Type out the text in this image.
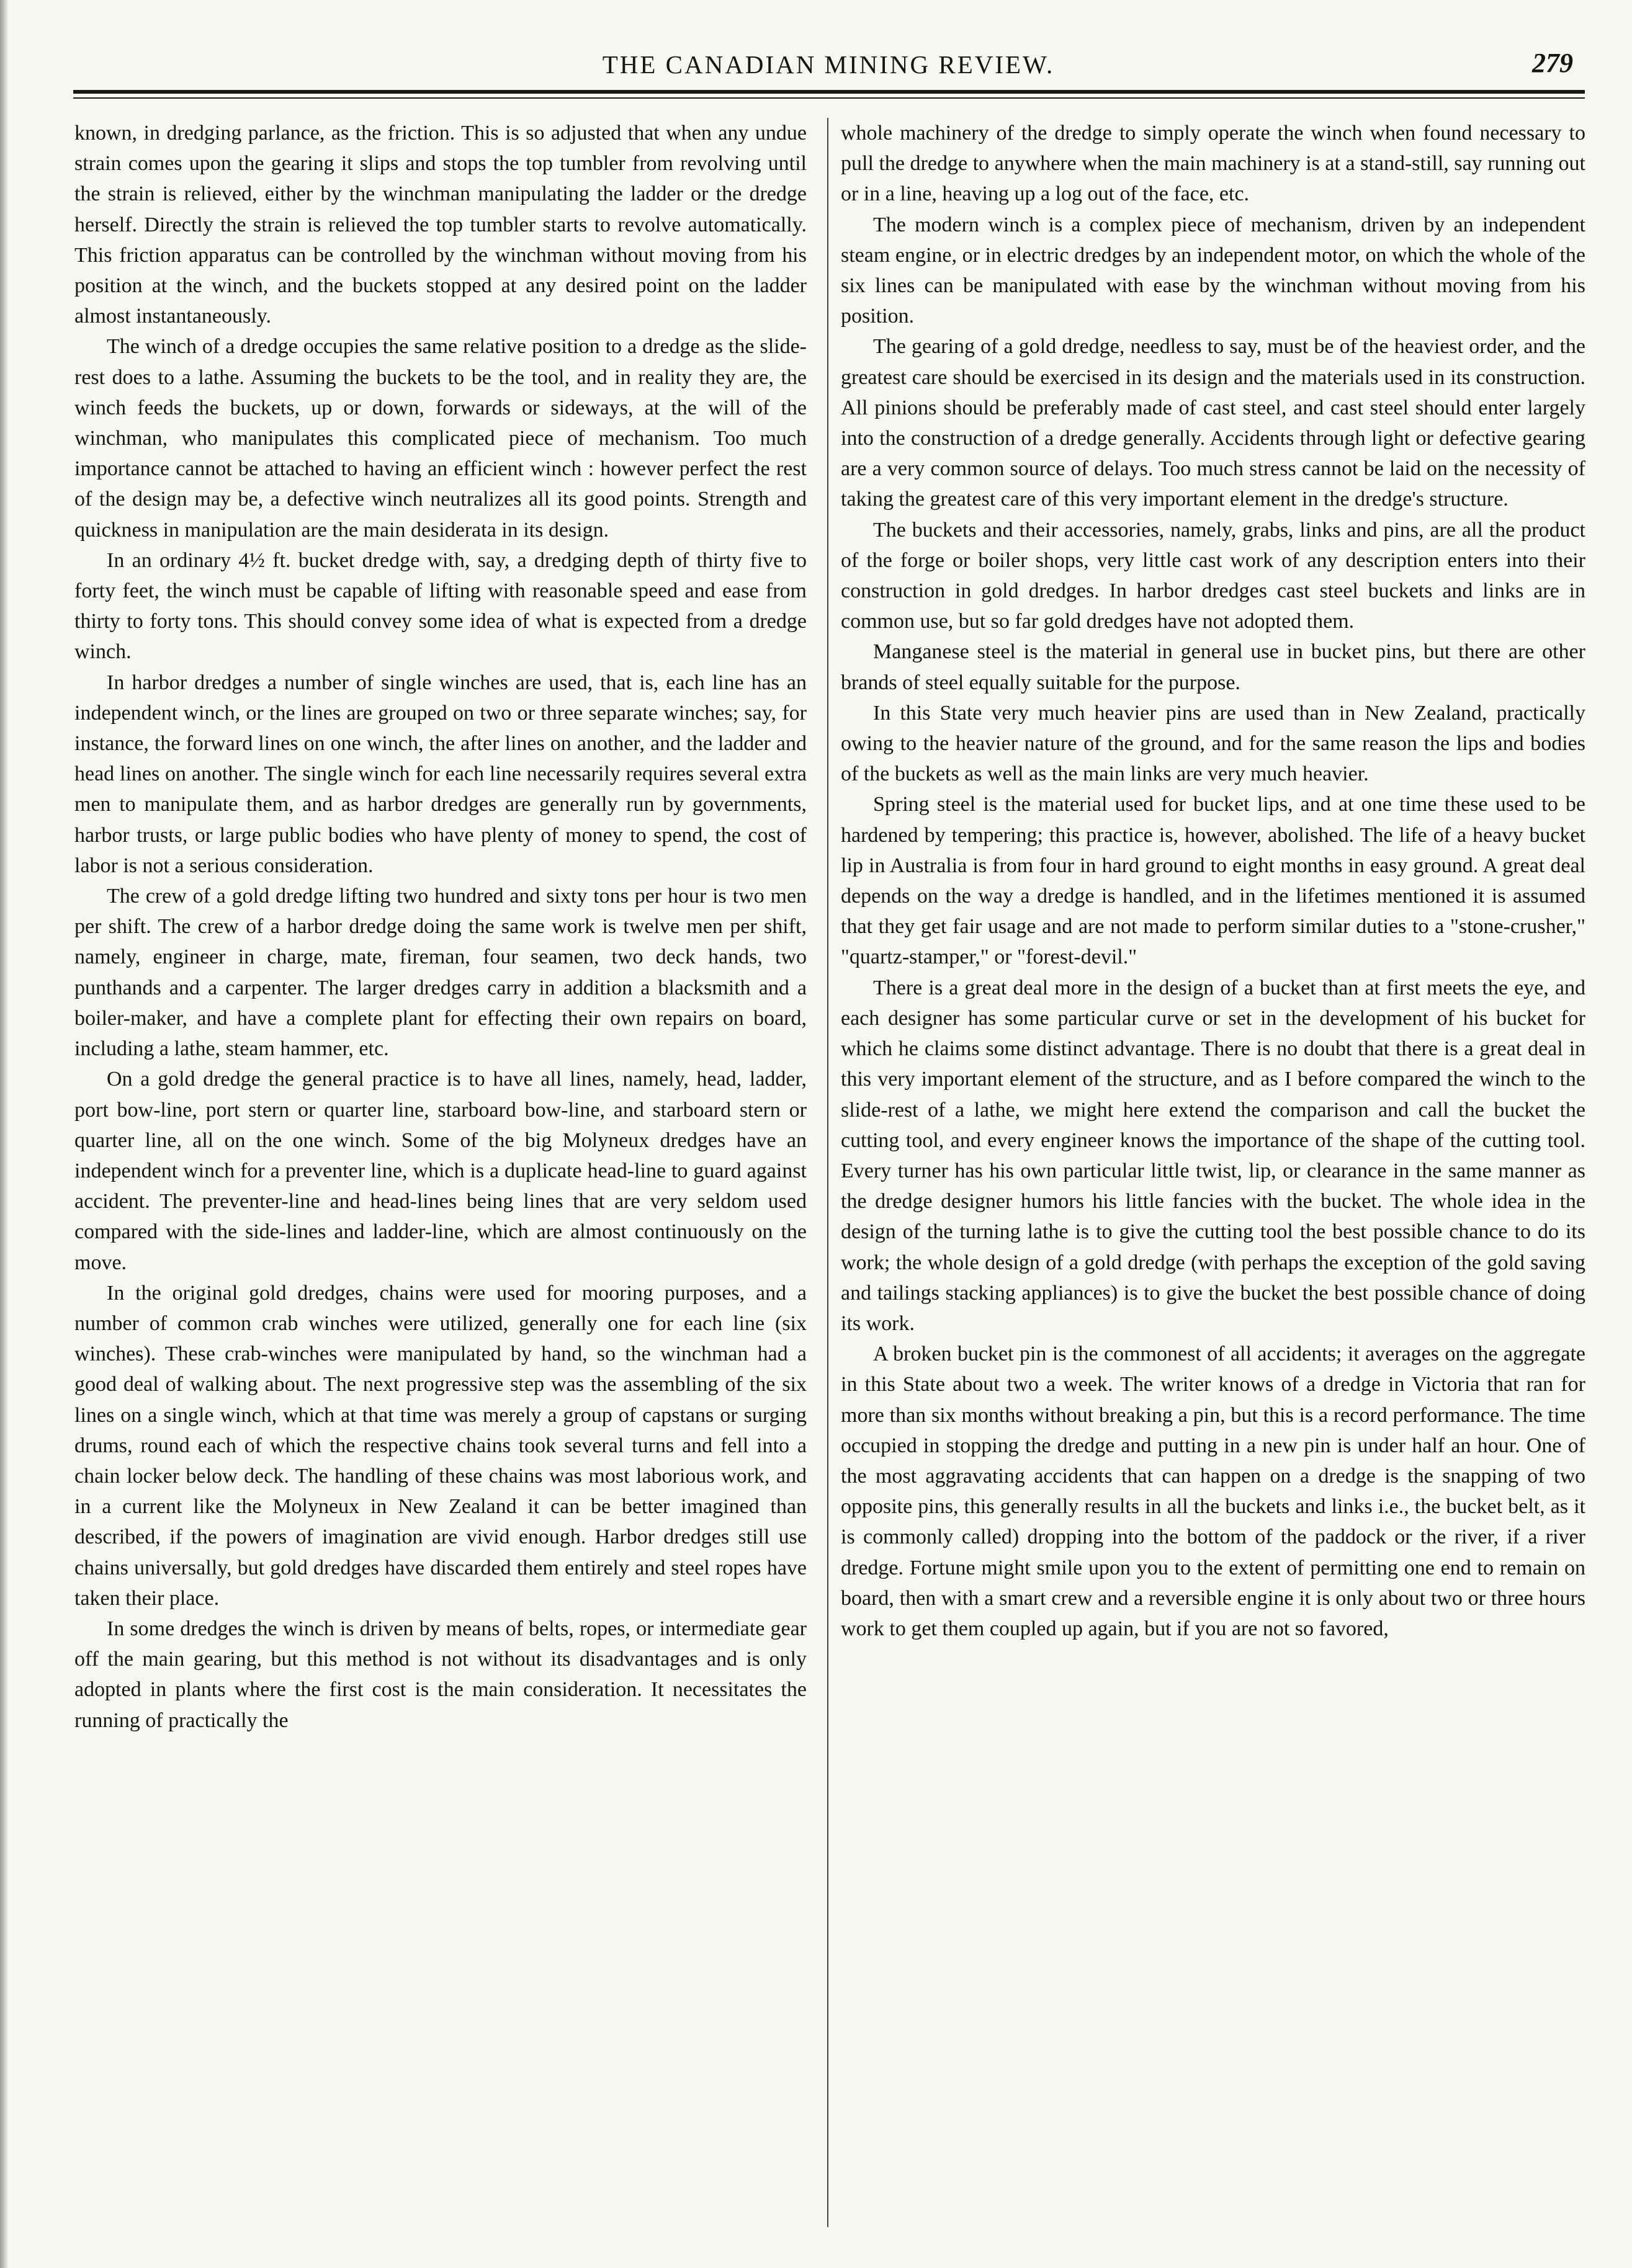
THE CANADIAN MINING REVIEW.	279

known, in dredging parlance, as the friction. This is so adjusted that when any undue strain comes upon the gearing it slips and stops the top tumbler from revolving until the strain is relieved, either by the winchman manipulating the ladder or the dredge herself. Directly the strain is relieved the top tumbler starts to revolve automatically. This friction apparatus can be controlled by the winchman without moving from his position at the winch, and the buckets stopped at any desired point on the ladder almost instantaneously.

The winch of a dredge occupies the same relative position to a dredge as the slide-rest does to a lathe. Assuming the buckets to be the tool, and in reality they are, the winch feeds the buckets, up or down, forwards or sideways, at the will of the winchman, who manipulates this complicated piece of mechanism. Too much importance cannot be attached to having an efficient winch : however perfect the rest of the design may be, a defective winch neutralizes all its good points. Strength and quickness in manipulation are the main desiderata in its design.

In an ordinary 4½ ft. bucket dredge with, say, a dredging depth of thirty five to forty feet, the winch must be capable of lifting with reasonable speed and ease from thirty to forty tons. This should convey some idea of what is expected from a dredge winch.

In harbor dredges a number of single winches are used, that is, each line has an independent winch, or the lines are grouped on two or three separate winches; say, for instance, the forward lines on one winch, the after lines on another, and the ladder and head lines on another. The single winch for each line necessarily requires several extra men to manipulate them, and as harbor dredges are generally run by governments, harbor trusts, or large public bodies who have plenty of money to spend, the cost of labor is not a serious consideration.

The crew of a gold dredge lifting two hundred and sixty tons per hour is two men per shift. The crew of a harbor dredge doing the same work is twelve men per shift, namely, engineer in charge, mate, fireman, four seamen, two deck hands, two punthands and a carpenter. The larger dredges carry in addition a blacksmith and a boiler-maker, and have a complete plant for effecting their own repairs on board, including a lathe, steam hammer, etc.

On a gold dredge the general practice is to have all lines, namely, head, ladder, port bow-line, port stern or quarter line, starboard bow-line, and starboard stern or quarter line, all on the one winch. Some of the big Molyneux dredges have an independent winch for a preventer line, which is a duplicate head-line to guard against accident. The preventer-line and head-lines being lines that are very seldom used compared with the side-lines and ladder-line, which are almost continuously on the move.

In the original gold dredges, chains were used for mooring purposes, and a number of common crab winches were utilized, generally one for each line (six winches). These crab-winches were manipulated by hand, so the winchman had a good deal of walking about. The next progressive step was the assembling of the six lines on a single winch, which at that time was merely a group of capstans or surging drums, round each of which the respective chains took several turns and fell into a chain locker below deck. The handling of these chains was most laborious work, and in a current like the Molyneux in New Zealand it can be better imagined than described, if the powers of imagination are vivid enough. Harbor dredges still use chains universally, but gold dredges have discarded them entirely and steel ropes have taken their place.

In some dredges the winch is driven by means of belts, ropes, or intermediate gear off the main gearing, but this method is not without its disadvantages and is only adopted in plants where the first cost is the main consideration. It necessitates the running of practically the

whole machinery of the dredge to simply operate the winch when found necessary to pull the dredge to anywhere when the main machinery is at a stand-still, say running out or in a line, heaving up a log out of the face, etc.

The modern winch is a complex piece of mechanism, driven by an independent steam engine, or in electric dredges by an independent motor, on which the whole of the six lines can be manipulated with ease by the winchman without moving from his position.

The gearing of a gold dredge, needless to say, must be of the heaviest order, and the greatest care should be exercised in its design and the materials used in its construction. All pinions should be preferably made of cast steel, and cast steel should enter largely into the construction of a dredge generally. Accidents through light or defective gearing are a very common source of delays. Too much stress cannot be laid on the necessity of taking the greatest care of this very important element in the dredge's structure.

The buckets and their accessories, namely, grabs, links and pins, are all the product of the forge or boiler shops, very little cast work of any description enters into their construction in gold dredges. In harbor dredges cast steel buckets and links are in common use, but so far gold dredges have not adopted them.

Manganese steel is the material in general use in bucket pins, but there are other brands of steel equally suitable for the purpose.

In this State very much heavier pins are used than in New Zealand, practically owing to the heavier nature of the ground, and for the same reason the lips and bodies of the buckets as well as the main links are very much heavier.

Spring steel is the material used for bucket lips, and at one time these used to be hardened by tempering; this practice is, however, abolished. The life of a heavy bucket lip in Australia is from four in hard ground to eight months in easy ground. A great deal depends on the way a dredge is handled, and in the lifetimes mentioned it is assumed that they get fair usage and are not made to perform similar duties to a "stone-crusher," "quartz-stamper," or "forest-devil."

There is a great deal more in the design of a bucket than at first meets the eye, and each designer has some particular curve or set in the development of his bucket for which he claims some distinct advantage. There is no doubt that there is a great deal in this very important element of the structure, and as I before compared the winch to the slide-rest of a lathe, we might here extend the comparison and call the bucket the cutting tool, and every engineer knows the importance of the shape of the cutting tool. Every turner has his own particular little twist, lip, or clearance in the same manner as the dredge designer humors his little fancies with the bucket. The whole idea in the design of the turning lathe is to give the cutting tool the best possible chance to do its work; the whole design of a gold dredge (with perhaps the exception of the gold saving and tailings stacking appliances) is to give the bucket the best possible chance of doing its work.

A broken bucket pin is the commonest of all accidents; it averages on the aggregate in this State about two a week. The writer knows of a dredge in Victoria that ran for more than six months without breaking a pin, but this is a record performance. The time occupied in stopping the dredge and putting in a new pin is under half an hour. One of the most aggravating accidents that can happen on a dredge is the snapping of two opposite pins, this generally results in all the buckets and links i.e., the bucket belt, as it is commonly called) dropping into the bottom of the paddock or the river, if a river dredge. Fortune might smile upon you to the extent of permitting one end to remain on board, then with a smart crew and a reversible engine it is only about two or three hours work to get them coupled up again, but if you are not so favored,
